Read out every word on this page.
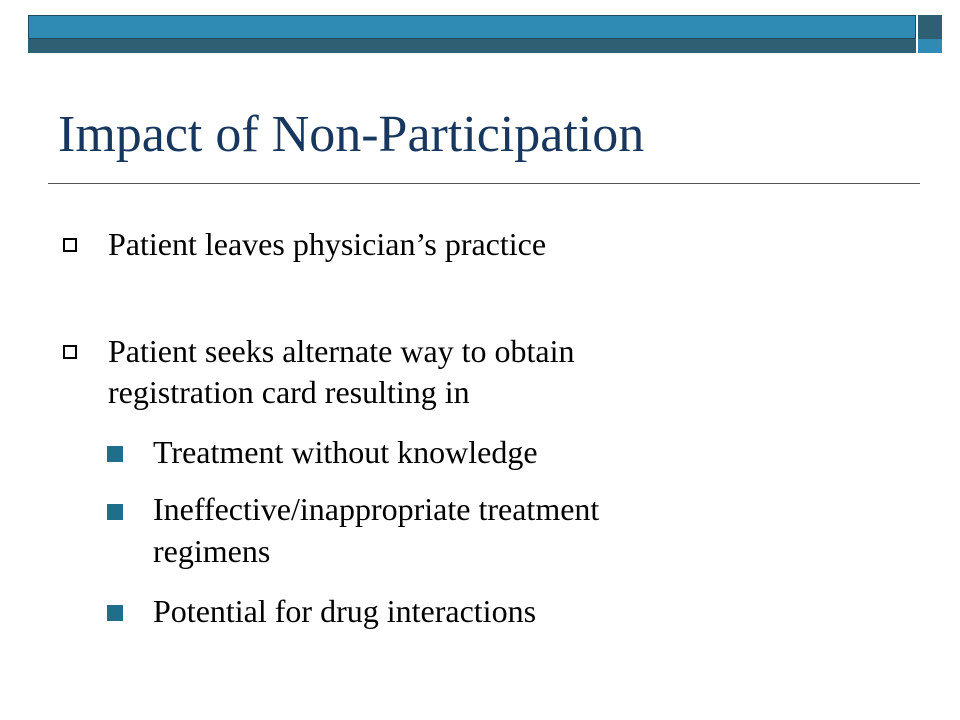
Impact of Non-Participation
Patient leaves physician’s practice
Patient seeks alternate way to obtain
registration card resulting in
Treatment without knowledge
Ineffective/inappropriate treatment
regimens
Potential for drug interactions
